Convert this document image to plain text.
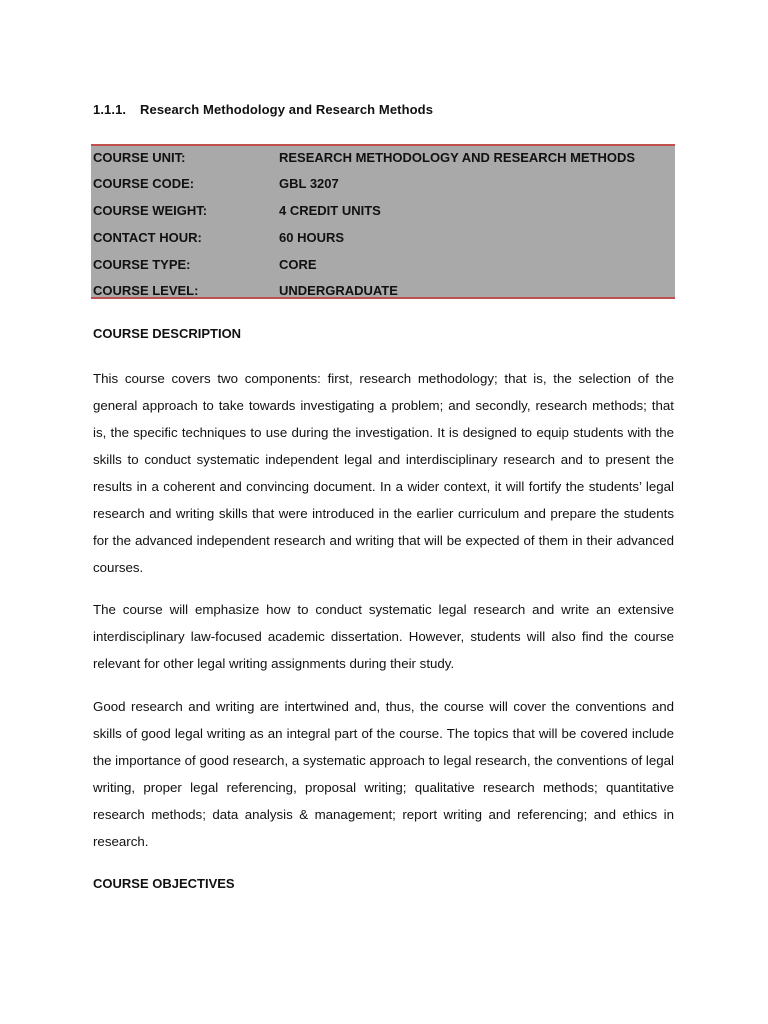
1.1.1. Research Methodology and Research Methods
COURSE UNIT:	RESEARCH METHODOLOGY AND RESEARCH METHODS
COURSE CODE:	GBL 3207
COURSE WEIGHT:	4 CREDIT UNITS
CONTACT HOUR:	60 HOURS
COURSE TYPE:	CORE
COURSE LEVEL:	UNDERGRADUATE
COURSE DESCRIPTION

This course covers two components: first, research methodology; that is, the selection of the general approach to take towards investigating a problem; and secondly, research methods; that is, the specific techniques to use during the investigation. It is designed to equip students with the skills to conduct systematic independent legal and interdisciplinary research and to present the results in a coherent and convincing document. In a wider context, it will fortify the students’ legal research and writing skills that were introduced in the earlier curriculum and prepare the students for the advanced independent research and writing that will be expected of them in their advanced courses.

The course will emphasize how to conduct systematic legal research and write an extensive interdisciplinary law-focused academic dissertation. However, students will also find the course relevant for other legal writing assignments during their study.

Good research and writing are intertwined and, thus, the course will cover the conventions and skills of good legal writing as an integral part of the course. The topics that will be covered include the importance of good research, a systematic approach to legal research, the conventions of legal writing, proper legal referencing, proposal writing; qualitative research methods; quantitative research methods; data analysis & management; report writing and referencing; and ethics in research.

COURSE OBJECTIVES
